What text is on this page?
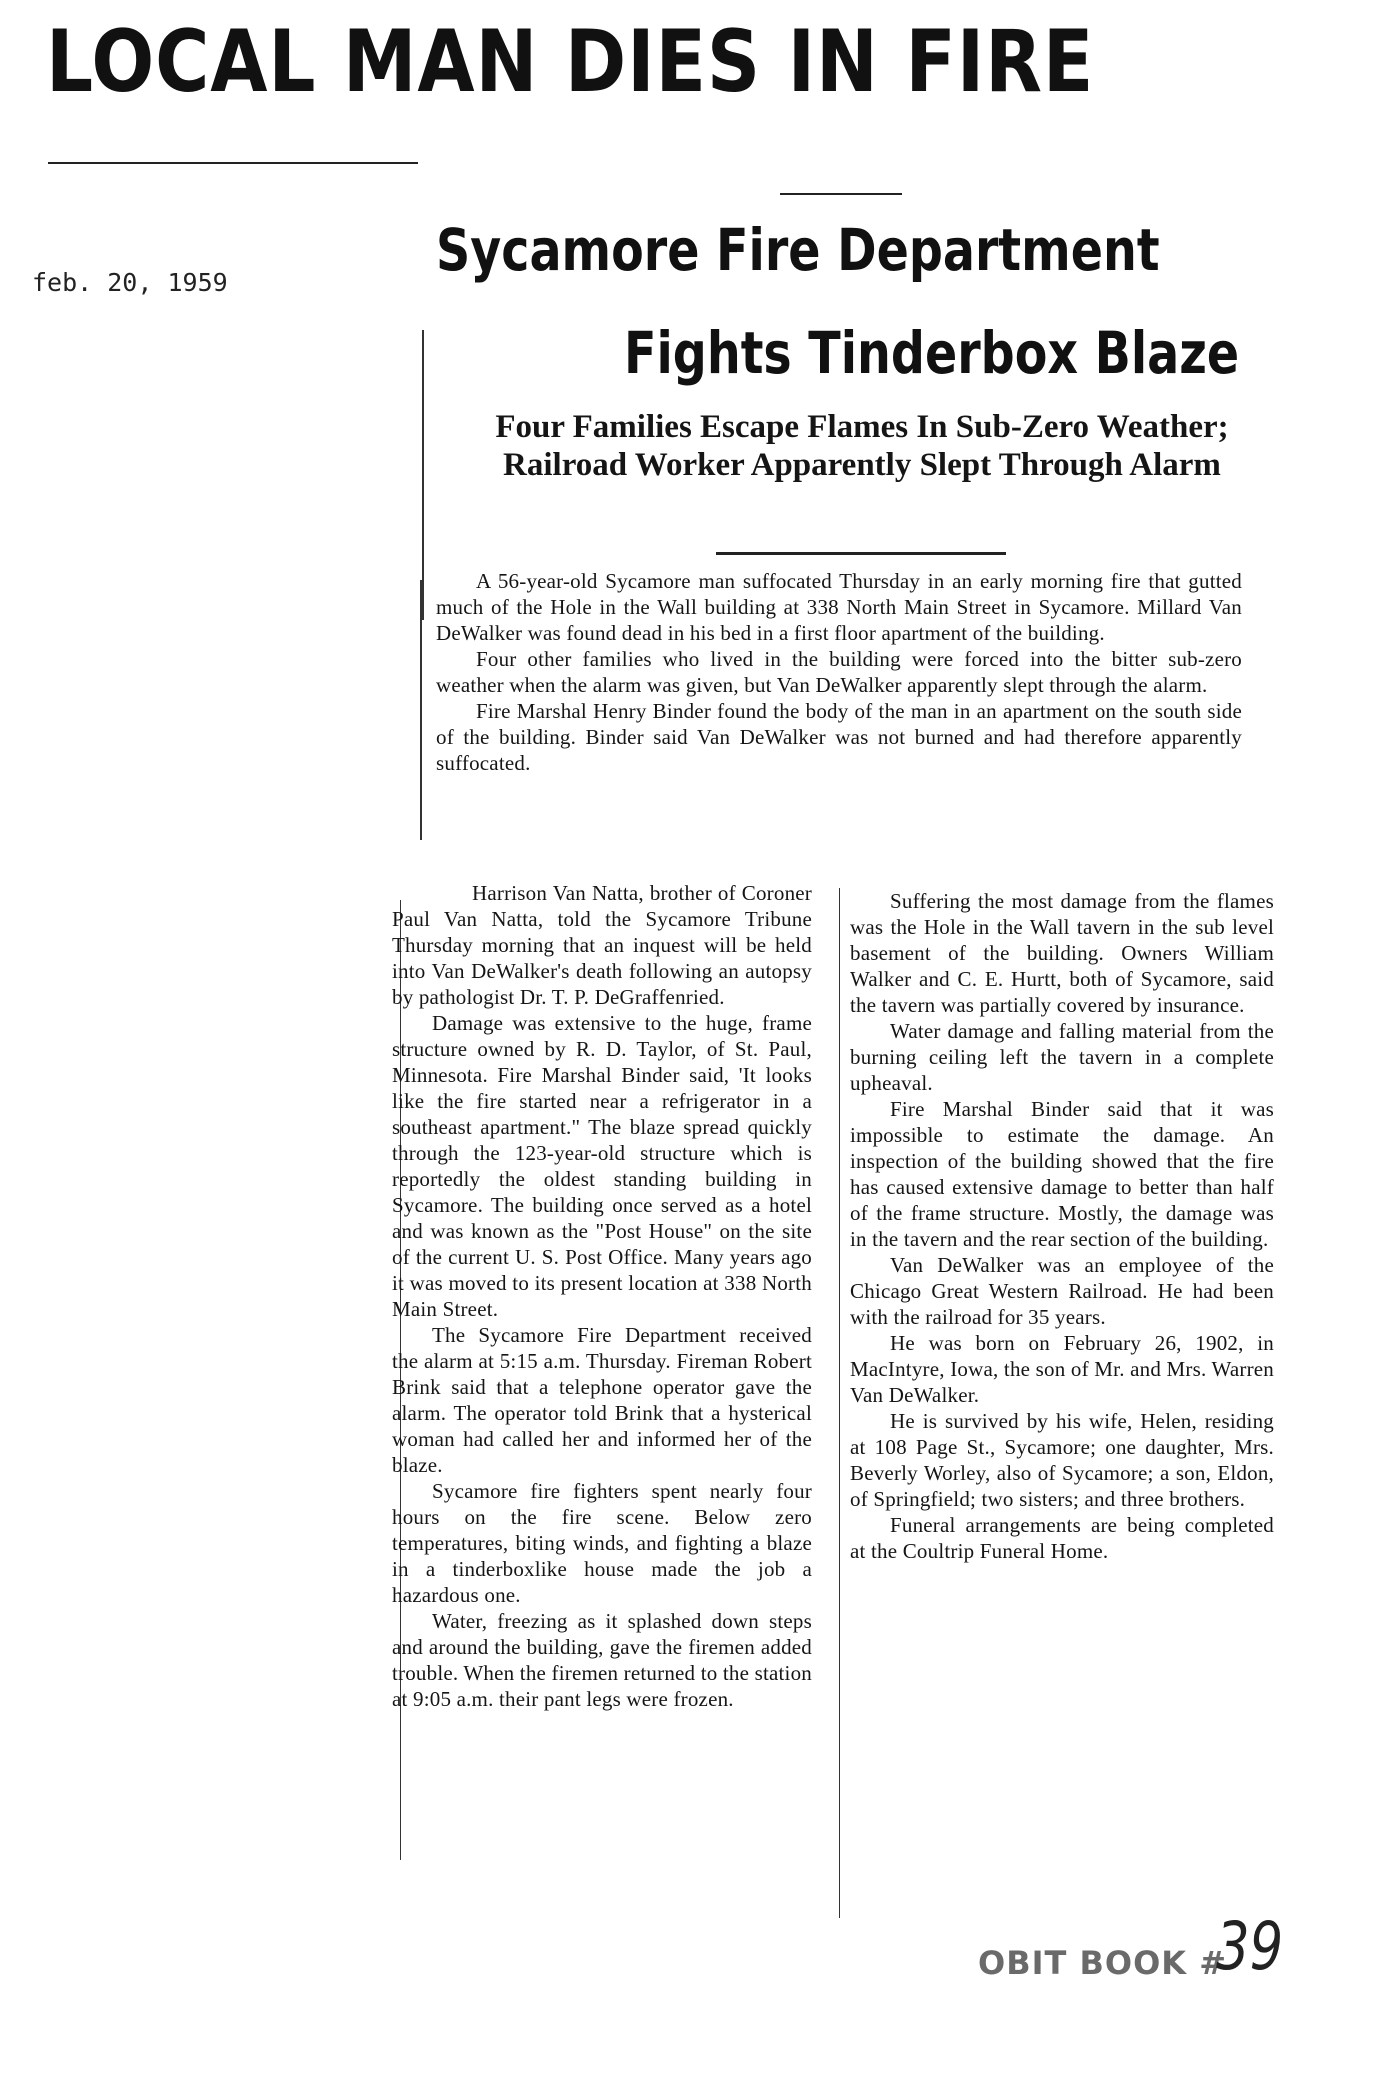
LOCAL MAN DIES IN FIRE
feb. 20, 1959	Sycamore Fire Department
Fights Tinderbox Blaze
Four Families Escape Flames In Sub-Zero Weather; Railroad Worker Apparently Slept Through Alarm

A 56-year-old Sycamore man suffocated Thursday in an early morning fire that gutted much of the Hole in the Wall building at 338 North Main Street in Sycamore. Millard Van DeWalker was found dead in his bed in a first floor apartment of the building.

Four other families who lived in the building were forced into the bitter sub-zero weather when the alarm was given, but Van DeWalker apparently slept through the alarm.

Fire Marshal Henry Binder found the body of the man in an apartment on the south side of the building. Binder said Van DeWalker was not burned and had therefore apparently suffocated.

Harrison Van Natta, brother of Coroner Paul Van Natta, told the Sycamore Tribune Thursday morning that an inquest will be held into Van DeWalker's death following an autopsy by pathologist Dr. T. P. DeGraffenried.

Damage was extensive to the huge, frame structure owned by R. D. Taylor, of St. Paul, Minnesota. Fire Marshal Binder said, 'It looks like the fire started near a refrigerator in a southeast apartment." The blaze spread quickly through the 123-year-old structure which is reportedly the oldest standing building in Sycamore. The building once served as a hotel and was known as the "Post House" on the site of the current U. S. Post Office. Many years ago it was moved to its present location at 338 North Main Street.

The Sycamore Fire Department received the alarm at 5:15 a.m. Thursday. Fireman Robert Brink said that a telephone operator gave the alarm. The operator told Brink that a hysterical woman had called her and informed her of the blaze.

Sycamore fire fighters spent nearly four hours on the fire scene. Below zero temperatures, biting winds, and fighting a blaze in a tinderboxlike house made the job a hazardous one.

Water, freezing as it splashed down steps and around the building, gave the firemen added trouble. When the firemen returned to the station at 9:05 a.m. their pant legs were frozen.

Suffering the most damage from the flames was the Hole in the Wall tavern in the sub level basement of the building. Owners William Walker and C. E. Hurtt, both of Sycamore, said the tavern was partially covered by insurance.

Water damage and falling material from the burning ceiling left the tavern in a complete upheaval.

Fire Marshal Binder said that it was impossible to estimate the damage. An inspection of the building showed that the fire has caused extensive damage to better than half of the frame structure. Mostly, the damage was in the tavern and the rear section of the building.

Van DeWalker was an employee of the Chicago Great Western Railroad. He had been with the railroad for 35 years.

He was born on February 26, 1902, in MacIntyre, Iowa, the son of Mr. and Mrs. Warren Van DeWalker.

He is survived by his wife, Helen, residing at 108 Page St., Sycamore; one daughter, Mrs. Beverly Worley, also of Sycamore; a son, Eldon, of Springfield; two sisters; and three brothers.

Funeral arrangements are being completed at the Coultrip Funeral Home.

OBIT BOOK #
39
